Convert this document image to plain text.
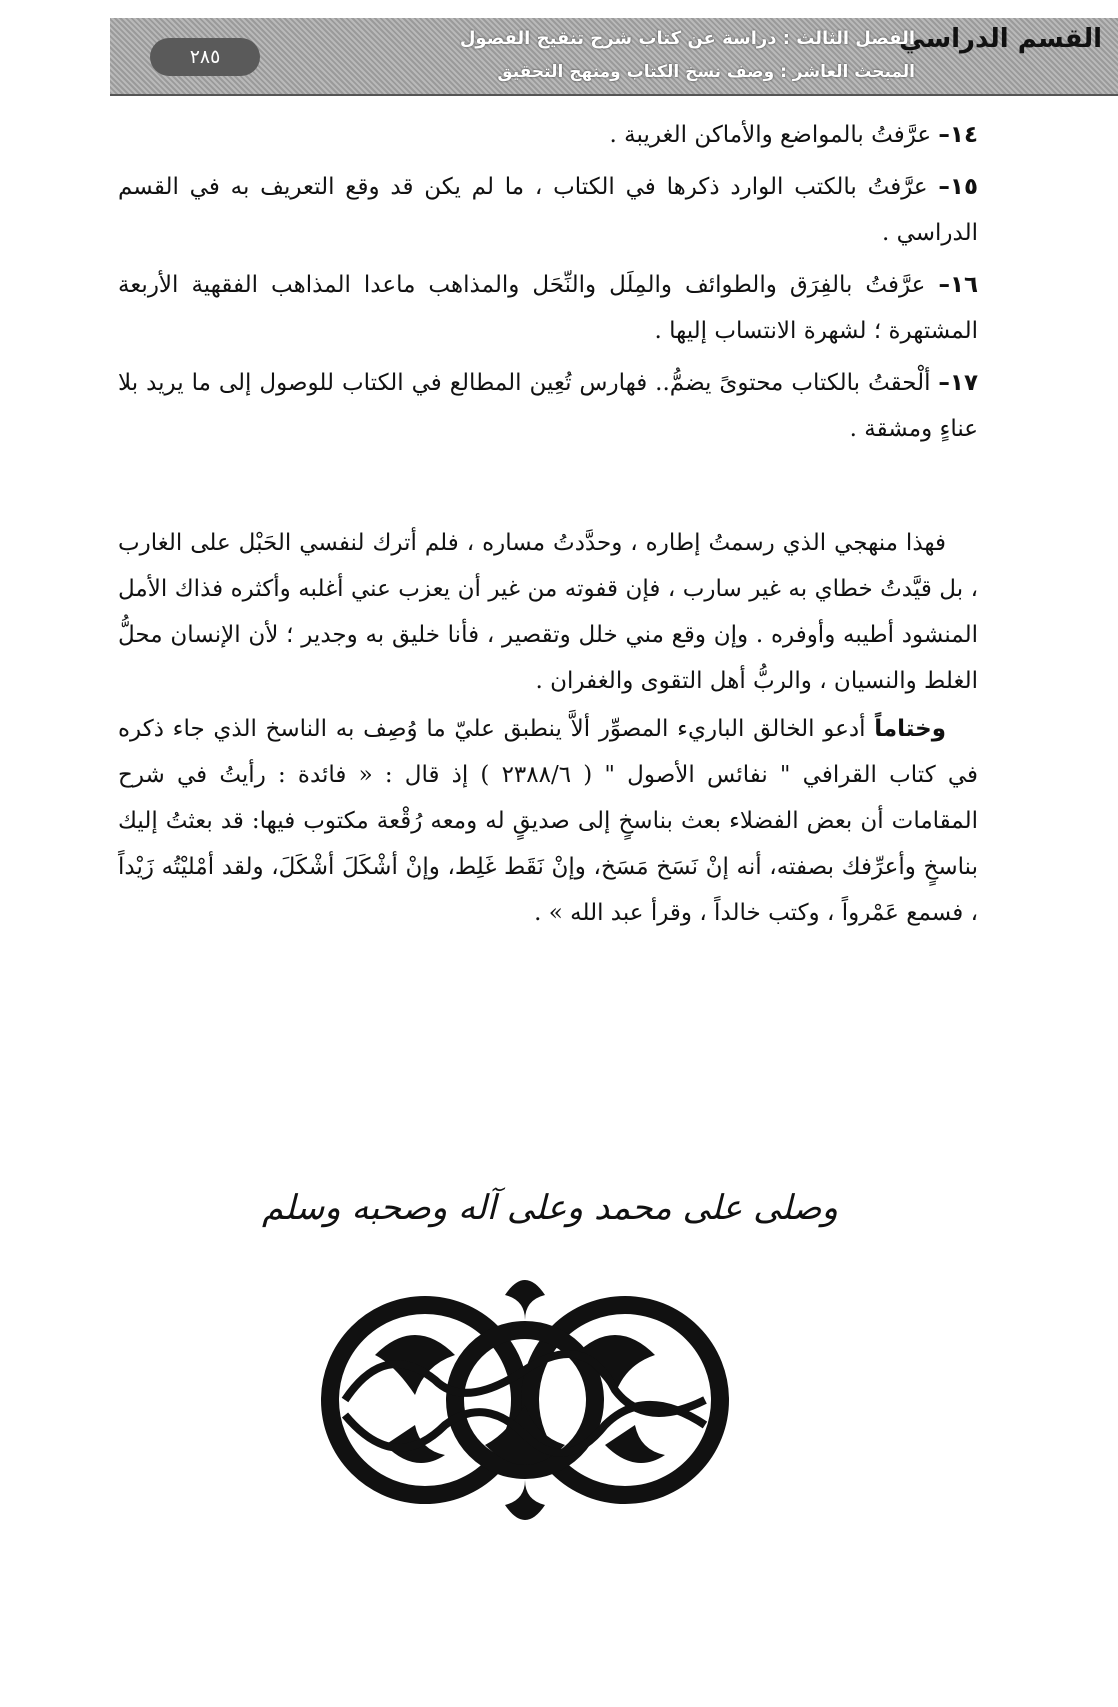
القسم الدراسي
الفصل الثالث : دراسة عن كتاب شرح تنقيح الفصول
المبحث العاشر : وصف نسخ الكتاب ومنهج التحقيق
٢٨٥

١٤– عرَّفتُ بالمواضع والأماكن الغريبة .

١٥– عرَّفتُ بالكتب الوارد ذكرها في الكتاب ، ما لم يكن قد وقع التعريف به في القسم الدراسي .

١٦– عرَّفتُ بالفِرَق والطوائف والمِلَل والنِّحَل والمذاهب ماعدا المذاهب الفقهية الأربعة المشتهرة ؛ لشهرة الانتساب إليها .

١٧– ألْحقتُ بالكتاب محتوىً يضمُّ.. فهارس تُعِين المطالع في الكتاب للوصول إلى ما يريد بلا عناءٍ ومشقة .

فهذا منهجي الذي رسمتُ إطاره ، وحدَّدتُ مساره ، فلم أترك لنفسي الحَبْل على الغارب ، بل قيَّدتُ خطاي به غير سارب ، فإن قفوته من غير أن يعزب عني أغلبه وأكثره فذاك الأمل المنشود أطيبه وأوفره . وإن وقع مني خلل وتقصير ، فأنا خليق به وجدير ؛ لأن الإنسان محلُّ الغلط والنسيان ، والربُّ أهل التقوى والغفران .

وختاماً أدعو الخالق الباريء المصوِّر ألاَّ ينطبق عليّ ما وُصِف به الناسخ الذي جاء ذكره في كتاب القرافي " نفائس الأصول " ( ٢٣٨٨/٦ ) إذ قال : « فائدة : رأيتُ في شرح المقامات أن بعض الفضلاء بعث بناسخٍ إلى صديقٍ له ومعه رُقْعة مكتوب فيها: قد بعثتُ إليك بناسخٍ وأعرِّفك بصفته، أنه إنْ نَسَخ مَسَخ، وإنْ نَقَط غَلِط، وإنْ أشْكَلَ أشْكَلَ، ولقد أمْليْتُه زَيْداً ، فسمع عَمْرواً ، وكتب خالداً ، وقرأ عبد الله » .

وصلى على محمد وعلى آله وصحبه وسلم
